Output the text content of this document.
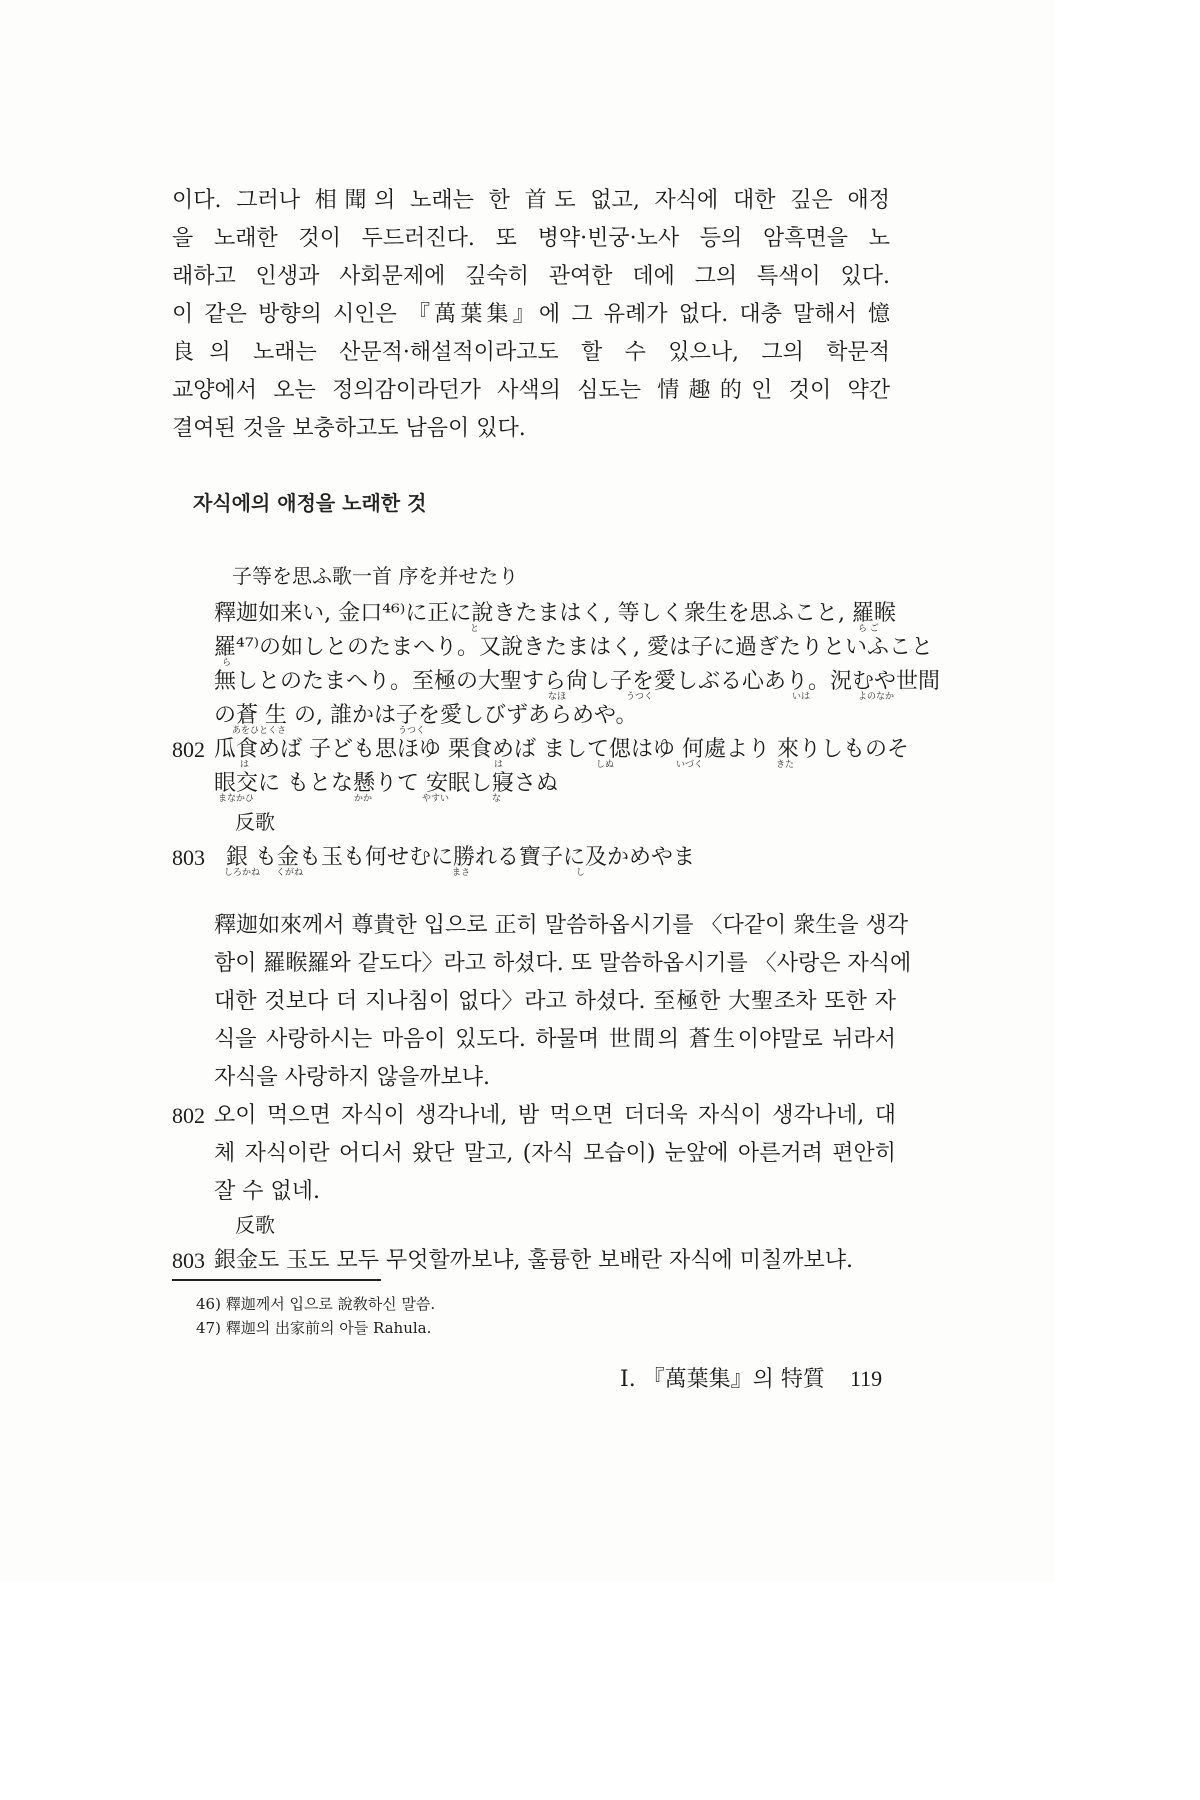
이다. 그러나 相聞의 노래는 한 首도 없고, 자식에 대한 깊은 애정
을 노래한 것이 두드러진다. 또 병약·빈궁·노사 등의 암흑면을 노
래하고 인생과 사회문제에 깊숙히 관여한 데에 그의 특색이 있다.
이 같은 방향의 시인은 『萬葉集』에 그 유례가 없다. 대충 말해서 憶
良의 노래는 산문적·해설적이라고도 할 수 있으나, 그의 학문적
교양에서 오는 정의감이라던가 사색의 심도는 情趣的인 것이 약간
결여된 것을 보충하고도 남음이 있다.
자식에의 애정을 노래한 것
子等を思ふ歌一首 序を并せたり
釋迦如来い, 金口⁴⁶⁾に正に說きたまはく, 等しく衆生を思ふこと, 羅睺
と	ら ご
羅⁴⁷⁾の如しとのたまへり。又說きたまはく, 愛は子に過ぎたりといふこと
ら
無しとのたまへり。至極の大聖すら尙し子を愛しぶる心あり。況むや世間
なほ	うつく	いは	よのなか
の蒼 生 の, 誰かは子を愛しびずあらめや。
あをひとくさ	うつく
802 瓜食めば 子ども思ほゆ 栗食めば まして偲はゆ 何處より 來りしものそ
は	は	しぬ	いづく	きた
眼交に もとな懸りて 安眠し寢さぬ
まなかひ	かか	やすい	な
反歌
803 銀 も金も玉も何せむに勝れる寶子に及かめやま
しろかね くがね	まさ	し
釋迦如來께서 尊貴한 입으로 正히 말씀하옵시기를 〈다같이 衆生을 생각
함이 羅睺羅와 같도다〉라고 하셨다. 또 말씀하옵시기를 〈사랑은 자식에
대한 것보다 더 지나침이 없다〉라고 하셨다. 至極한 大聖조차 또한 자
식을 사랑하시는 마음이 있도다. 하물며 世間의 蒼生이야말로 뉘라서
자식을 사랑하지 않을까보냐.
802 오이 먹으면 자식이 생각나네, 밤 먹으면 더더욱 자식이 생각나네, 대
체 자식이란 어디서 왔단 말고, (자식 모습이) 눈앞에 아른거려 편안히
잘 수 없네.
反歌
803 銀金도 玉도 모두 무엇할까보냐, 훌륭한 보배란 자식에 미칠까보냐.
46) 釋迦께서 입으로 說敎하신 말씀.
47) 釋迦의 出家前의 아들 Rahula.
I. 『萬葉集』의 特質 119
